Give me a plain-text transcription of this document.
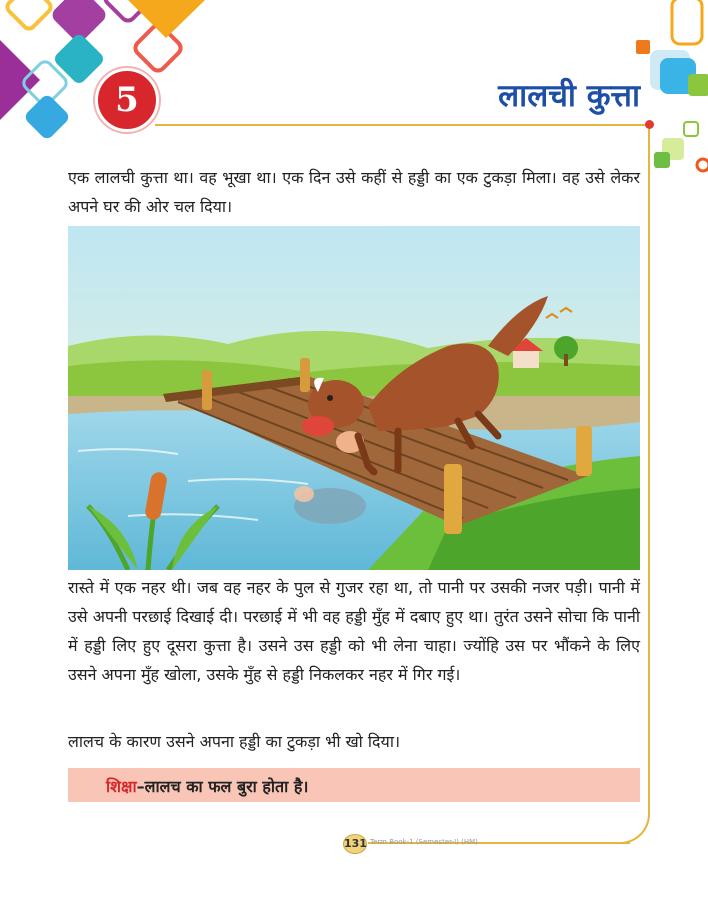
5	लालची कुत्ता

एक लालची कुत्ता था। वह भूखा था। एक दिन उसे कहीं से हड्डी का एक टुकड़ा मिला। वह उसे लेकर अपने घर की ओर चल दिया।

रास्ते में एक नहर थी। जब वह नहर के पुल से गुजर रहा था, तो पानी पर उसकी नजर पड़ी। पानी में उसे अपनी परछाई दिखाई दी। परछाई में भी वह हड्डी मुँह में दबाए हुए था। तुरंत उसने सोचा कि पानी में हड्डी लिए हुए दूसरा कुत्ता है। उसने उस हड्डी को भी लेना चाहा। ज्योंहि उस पर भौंकने के लिए उसने अपना मुँह खोला, उसके मुँह से हड्डी निकलकर नहर में गिर गई।

लालच के कारण उसने अपना हड्डी का टुकड़ा भी खो दिया।

शिक्षा–लालच का फल बुरा होता है।
131 Term Book-1 (Semester-I) (HM)
